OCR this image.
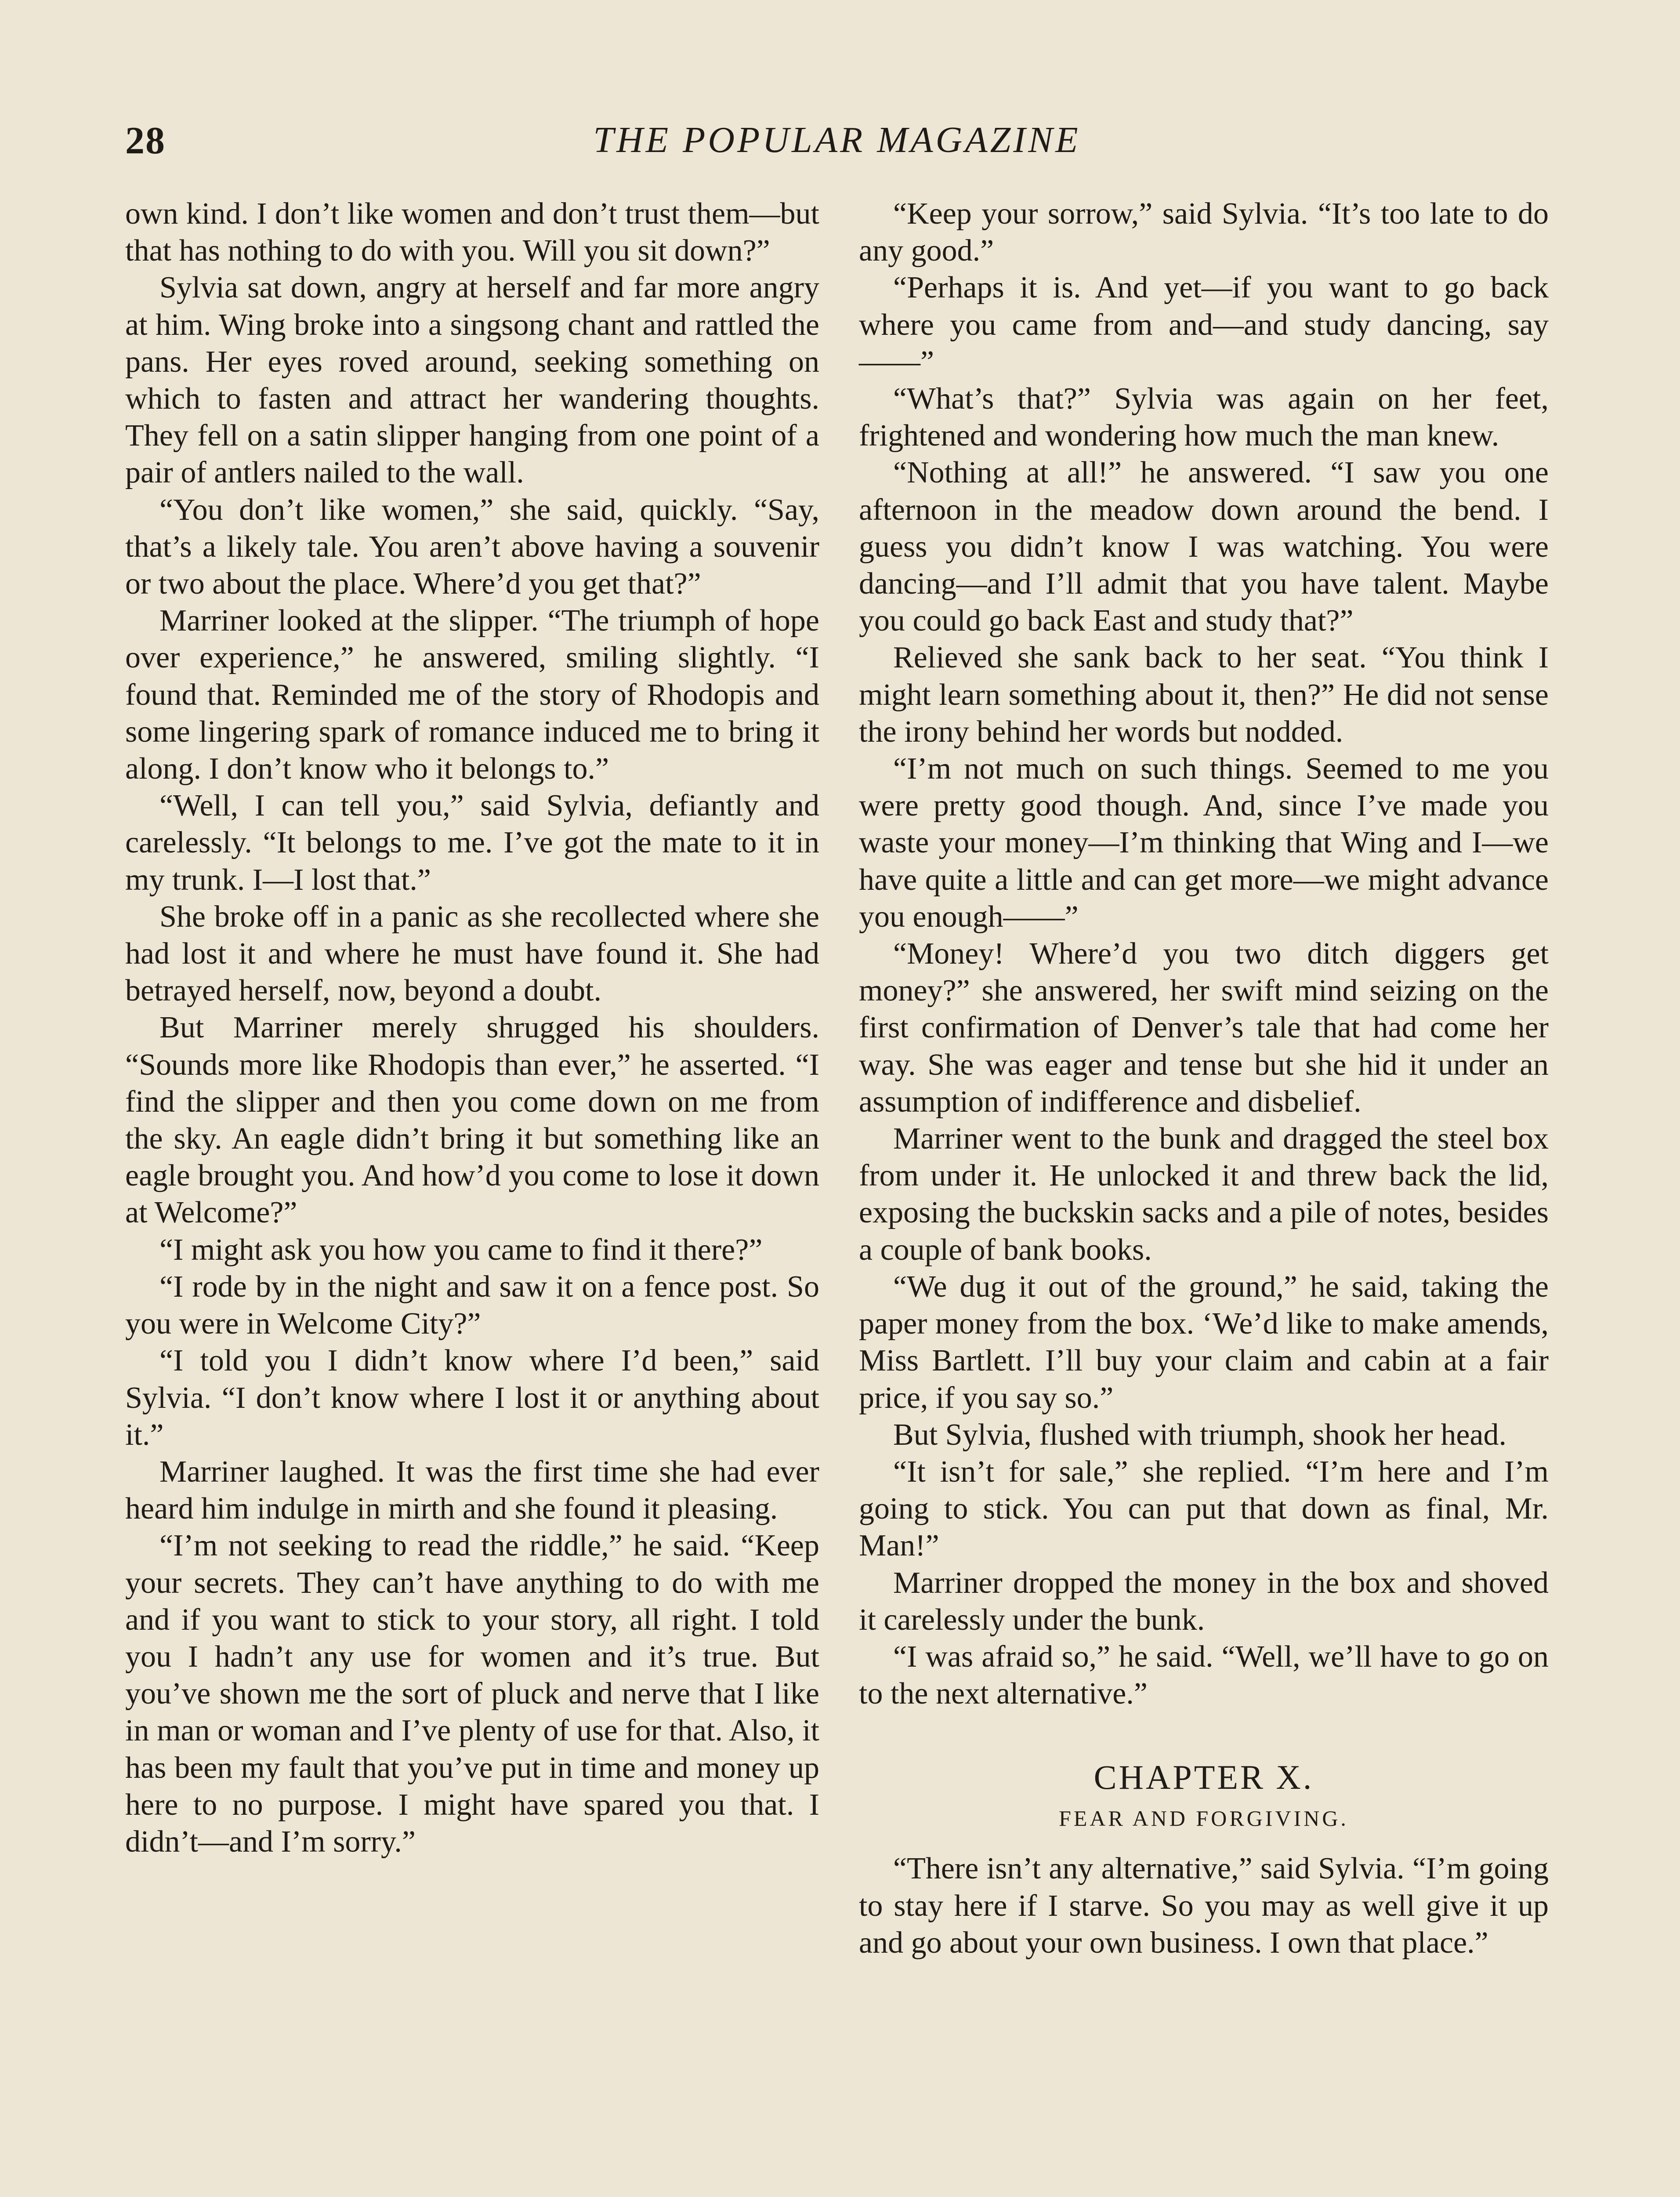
28	THE POPULAR MAGAZINE

own kind. I don’t like women and don’t trust them—but that has nothing to do with you. Will you sit down?”

Sylvia sat down, angry at herself and far more angry at him. Wing broke into a singsong chant and rattled the pans. Her eyes roved around, seeking something on which to fasten and attract her wandering thoughts. They fell on a satin slipper hanging from one point of a pair of antlers nailed to the wall.

“You don’t like women,” she said, quickly. “Say, that’s a likely tale. You aren’t above having a souvenir or two about the place. Where’d you get that?”

Marriner looked at the slipper. “The triumph of hope over experience,” he answered, smiling slightly. “I found that. Reminded me of the story of Rhodopis and some lingering spark of romance induced me to bring it along. I don’t know who it belongs to.”

“Well, I can tell you,” said Sylvia, defiantly and carelessly. “It belongs to me. I’ve got the mate to it in my trunk. I—I lost that.”

She broke off in a panic as she recollected where she had lost it and where he must have found it. She had betrayed herself, now, beyond a doubt.

But Marriner merely shrugged his shoulders. “Sounds more like Rhodopis than ever,” he asserted. “I find the slipper and then you come down on me from the sky. An eagle didn’t bring it but something like an eagle brought you. And how’d you come to lose it down at Welcome?”

“I might ask you how you came to find it there?”

“I rode by in the night and saw it on a fence post. So you were in Welcome City?”

“I told you I didn’t know where I’d been,” said Sylvia. “I don’t know where I lost it or anything about it.”

Marriner laughed. It was the first time she had ever heard him indulge in mirth and she found it pleasing.

“I’m not seeking to read the riddle,” he said. “Keep your secrets. They can’t have anything to do with me and if you want to stick to your story, all right. I told you I hadn’t any use for women and it’s true. But you’ve shown me the sort of pluck and nerve that I like in man or woman and I’ve plenty of use for that. Also, it has been my fault that you’ve put in time and money up here to no purpose. I might have spared you that. I didn’t—and I’m sorry.”

“Keep your sorrow,” said Sylvia. “It’s too late to do any good.”

“Perhaps it is. And yet—if you want to go back where you came from and—and study dancing, say——”

“What’s that?” Sylvia was again on her feet, frightened and wondering how much the man knew.

“Nothing at all!” he answered. “I saw you one afternoon in the meadow down around the bend. I guess you didn’t know I was watching. You were dancing—and I’ll admit that you have talent. Maybe you could go back East and study that?”

Relieved she sank back to her seat. “You think I might learn something about it, then?” He did not sense the irony behind her words but nodded.

“I’m not much on such things. Seemed to me you were pretty good though. And, since I’ve made you waste your money—I’m thinking that Wing and I—we have quite a little and can get more—we might advance you enough——”

“Money! Where’d you two ditch diggers get money?” she answered, her swift mind seizing on the first confirmation of Denver’s tale that had come her way. She was eager and tense but she hid it under an assumption of indifference and disbelief.

Marriner went to the bunk and dragged the steel box from under it. He unlocked it and threw back the lid, exposing the buckskin sacks and a pile of notes, besides a couple of bank books.

“We dug it out of the ground,” he said, taking the paper money from the box. ‘We’d like to make amends, Miss Bartlett. I’ll buy your claim and cabin at a fair price, if you say so.”

But Sylvia, flushed with triumph, shook her head.

“It isn’t for sale,” she replied. “I’m here and I’m going to stick. You can put that down as final, Mr. Man!”

Marriner dropped the money in the box and shoved it carelessly under the bunk.

“I was afraid so,” he said. “Well, we’ll have to go on to the next alternative.”

CHAPTER X.
FEAR AND FORGIVING.

“There isn’t any alternative,” said Sylvia. “I’m going to stay here if I starve. So you may as well give it up and go about your own business. I own that place.”
